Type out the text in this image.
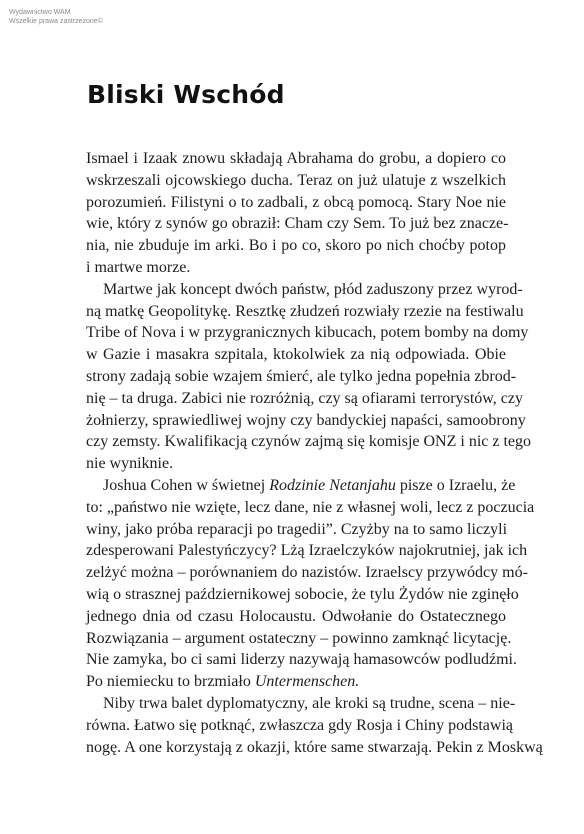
Wydawnictwo WAM
Wszelkie prawa zastrzeżone©
Bliski Wschód

Ismael i Izaak znowu składają Abrahama do grobu, a dopiero co
wskrzeszali ojcowskiego ducha. Teraz on już ulatuje z wszelkich
porozumień. Filistyni o to zadbali, z obcą pomocą. Stary Noe nie
wie, który z synów go obraził: Cham czy Sem. To już bez znacze-
nia, nie zbuduje im arki. Bo i po co, skoro po nich choćby potop
i martwe morze.

Martwe jak koncept dwóch państw, płód zaduszony przez wyrod-
ną matkę Geopolitykę. Resztkę złudzeń rozwiały rzezie na festiwalu
Tribe of Nova i w przygranicznych kibucach, potem bomby na domy
w Gazie i masakra szpitala, ktokolwiek za nią odpowiada. Obie
strony zadają sobie wzajem śmierć, ale tylko jedna popełnia zbrod-
nię – ta druga. Zabici nie rozróżnią, czy są ofiarami terrorystów, czy
żołnierzy, sprawiedliwej wojny czy bandyckiej napaści, samoobrony
czy zemsty. Kwalifikacją czynów zajmą się komisje ONZ i nic z tego
nie wyniknie.

Joshua Cohen w świetnej Rodzinie Netanjahu pisze o Izraelu, że
to: „państwo nie wzięte, lecz dane, nie z własnej woli, lecz z poczucia
winy, jako próba reparacji po tragedii”. Czyżby na to samo liczyli
zdesperowani Palestyńczycy? Lżą Izraelczyków najokrutniej, jak ich
zelżyć można – porównaniem do nazistów. Izraelscy przywódcy mó-
wią o strasznej październikowej sobocie, że tylu Żydów nie zginęło
jednego dnia od czasu Holocaustu. Odwołanie do Ostatecznego
Rozwiązania – argument ostateczny – powinno zamknąć licytację.
Nie zamyka, bo ci sami liderzy nazywają hamasowców podludźmi.
Po niemiecku to brzmiało Untermenschen.

Niby trwa balet dyplomatyczny, ale kroki są trudne, scena – nie-
równa. Łatwo się potknąć, zwłaszcza gdy Rosja i Chiny podstawią
nogę. A one korzystają z okazji, które same stwarzają. Pekin z Moskwą
